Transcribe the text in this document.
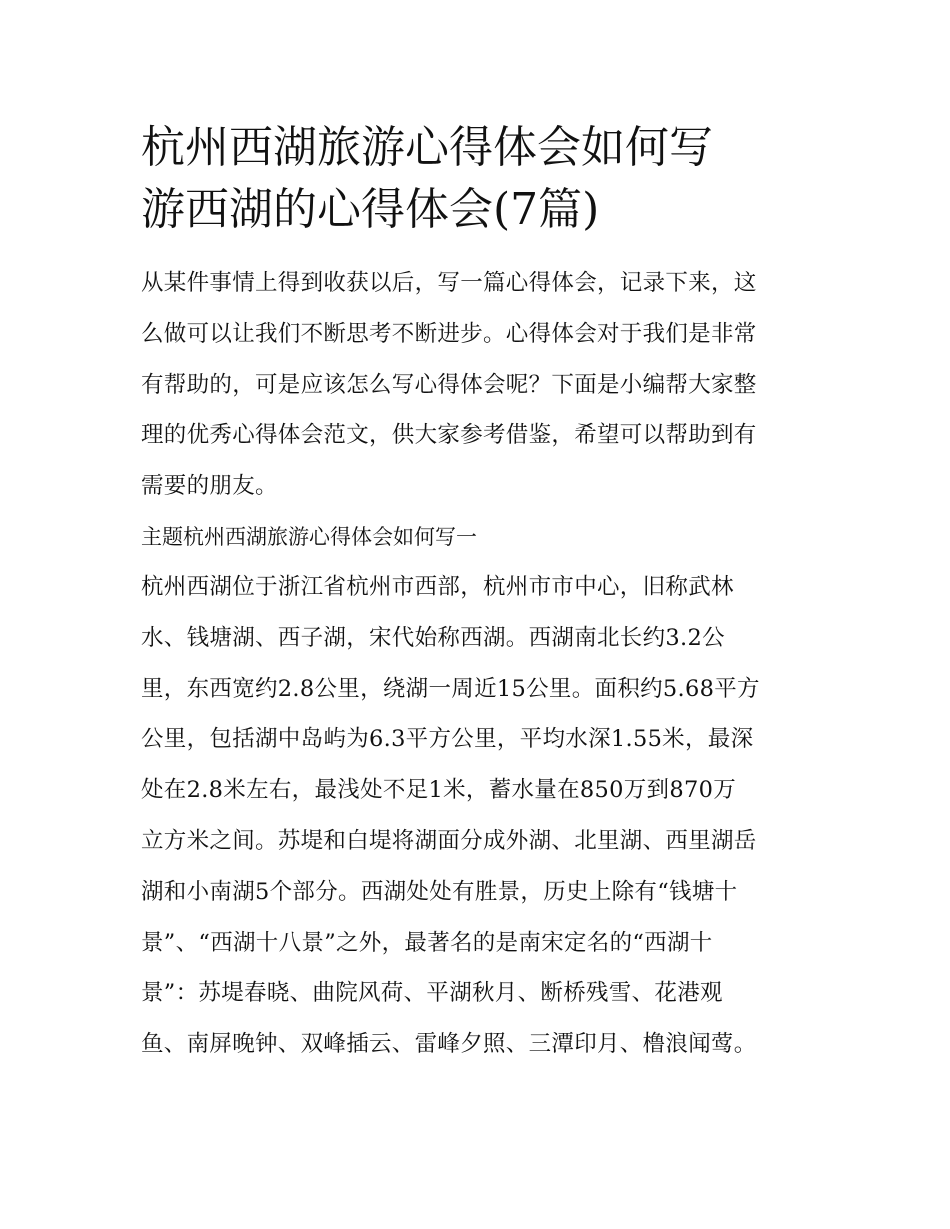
杭州西湖旅游心得体会如何写
游西湖的心得体会(7篇)

从某件事情上得到收获以后，写一篇心得体会，记录下来，这
么做可以让我们不断思考不断进步。心得体会对于我们是非常
有帮助的，可是应该怎么写心得体会呢？下面是小编帮大家整
理的优秀心得体会范文，供大家参考借鉴，希望可以帮助到有
需要的朋友。

主题杭州西湖旅游心得体会如何写一

杭州西湖位于浙江省杭州市西部，杭州市市中心，旧称武林
水、钱塘湖、西子湖，宋代始称西湖。西湖南北长约3.2公
里，东西宽约2.8公里，绕湖一周近15公里。面积约5.68平方
公里，包括湖中岛屿为6.3平方公里，平均水深1.55米，最深
处在2.8米左右，最浅处不足1米，蓄水量在850万到870万
立方米之间。苏堤和白堤将湖面分成外湖、北里湖、西里湖岳
湖和小南湖5个部分。西湖处处有胜景，历史上除有“钱塘十
景”、“西湖十八景”之外，最著名的是南宋定名的“西湖十
景”：苏堤春晓、曲院风荷、平湖秋月、断桥残雪、花港观
鱼、南屏晚钟、双峰插云、雷峰夕照、三潭印月、橹浪闻莺。
